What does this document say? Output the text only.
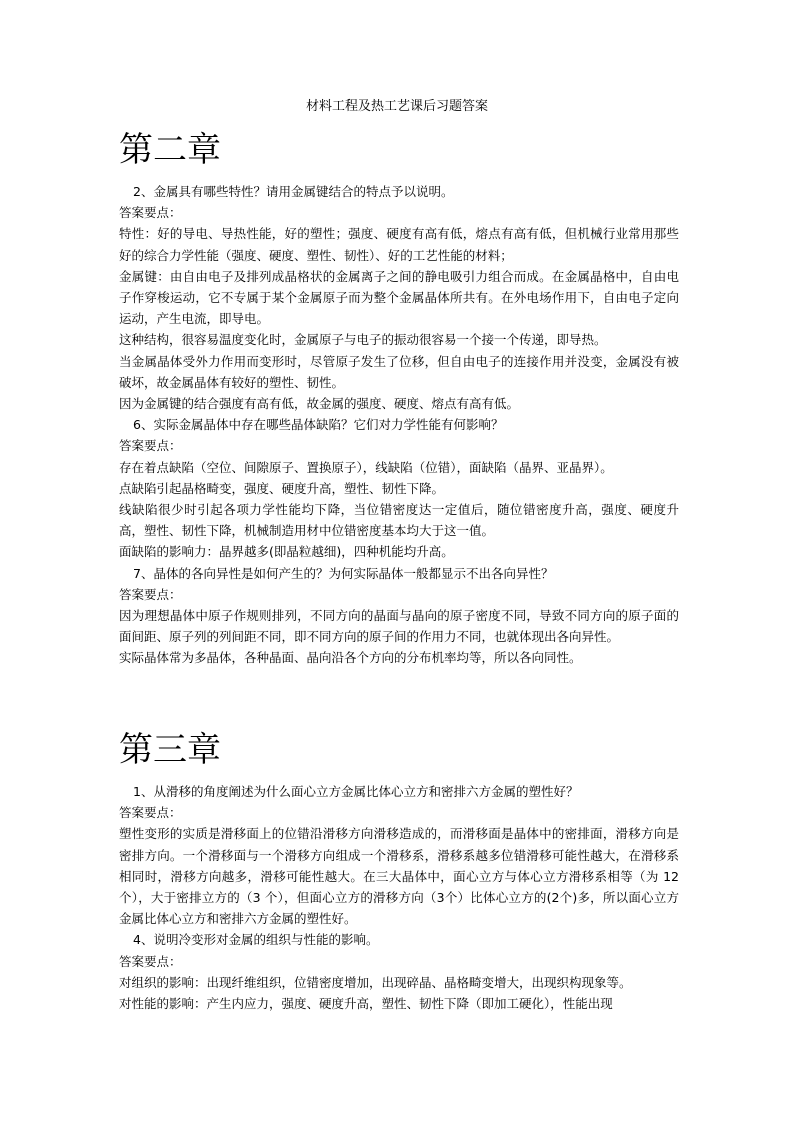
材料工程及热工艺课后习题答案
第二章

2、金属具有哪些特性？请用金属键结合的特点予以说明。

答案要点：

特性：好的导电、导热性能，好的塑性；强度、硬度有高有低，熔点有高有低，但机械行业常用那些好的综合力学性能（强度、硬度、塑性、韧性）、好的工艺性能的材料；

金属键：由自由电子及排列成晶格状的金属离子之间的静电吸引力组合而成。在金属晶格中，自由电子作穿梭运动，它不专属于某个金属原子而为整个金属晶体所共有。在外电场作用下，自由电子定向运动，产生电流，即导电。

这种结构，很容易温度变化时，金属原子与电子的振动很容易一个接一个传递，即导热。

当金属晶体受外力作用而变形时，尽管原子发生了位移，但自由电子的连接作用并没变，金属没有被破坏，故金属晶体有较好的塑性、韧性。

因为金属键的结合强度有高有低，故金属的强度、硬度、熔点有高有低。

6、实际金属晶体中存在哪些晶体缺陷？它们对力学性能有何影响？

答案要点：

存在着点缺陷（空位、间隙原子、置换原子），线缺陷（位错），面缺陷（晶界、亚晶界）。

点缺陷引起晶格畸变，强度、硬度升高，塑性、韧性下降。

线缺陷很少时引起各项力学性能均下降，当位错密度达一定值后，随位错密度升高，强度、硬度升高，塑性、韧性下降，机械制造用材中位错密度基本均大于这一值。

面缺陷的影响力：晶界越多(即晶粒越细)，四种机能均升高。

7、晶体的各向异性是如何产生的？为何实际晶体一般都显示不出各向异性？

答案要点：

因为理想晶体中原子作规则排列，不同方向的晶面与晶向的原子密度不同，导致不同方向的原子面的面间距、原子列的列间距不同，即不同方向的原子间的作用力不同，也就体现出各向异性。

实际晶体常为多晶体，各种晶面、晶向沿各个方向的分布机率均等，所以各向同性。

第三章

1、从滑移的角度阐述为什么面心立方金属比体心立方和密排六方金属的塑性好？

答案要点：

塑性变形的实质是滑移面上的位错沿滑移方向滑移造成的，而滑移面是晶体中的密排面，滑移方向是密排方向。一个滑移面与一个滑移方向组成一个滑移系，滑移系越多位错滑移可能性越大，在滑移系相同时，滑移方向越多，滑移可能性越大。在三大晶体中，面心立方与体心立方滑移系相等（为 12个），大于密排立方的（3 个），但面心立方的滑移方向（3个）比体心立方的(2个)多，所以面心立方金属比体心立方和密排六方金属的塑性好。

4、说明冷变形对金属的组织与性能的影响。

答案要点：

对组织的影响：出现纤维组织，位错密度增加，出现碎晶、晶格畸变增大，出现织构现象等。

对性能的影响：产生内应力，强度、硬度升高，塑性、韧性下降（即加工硬化），性能出现
